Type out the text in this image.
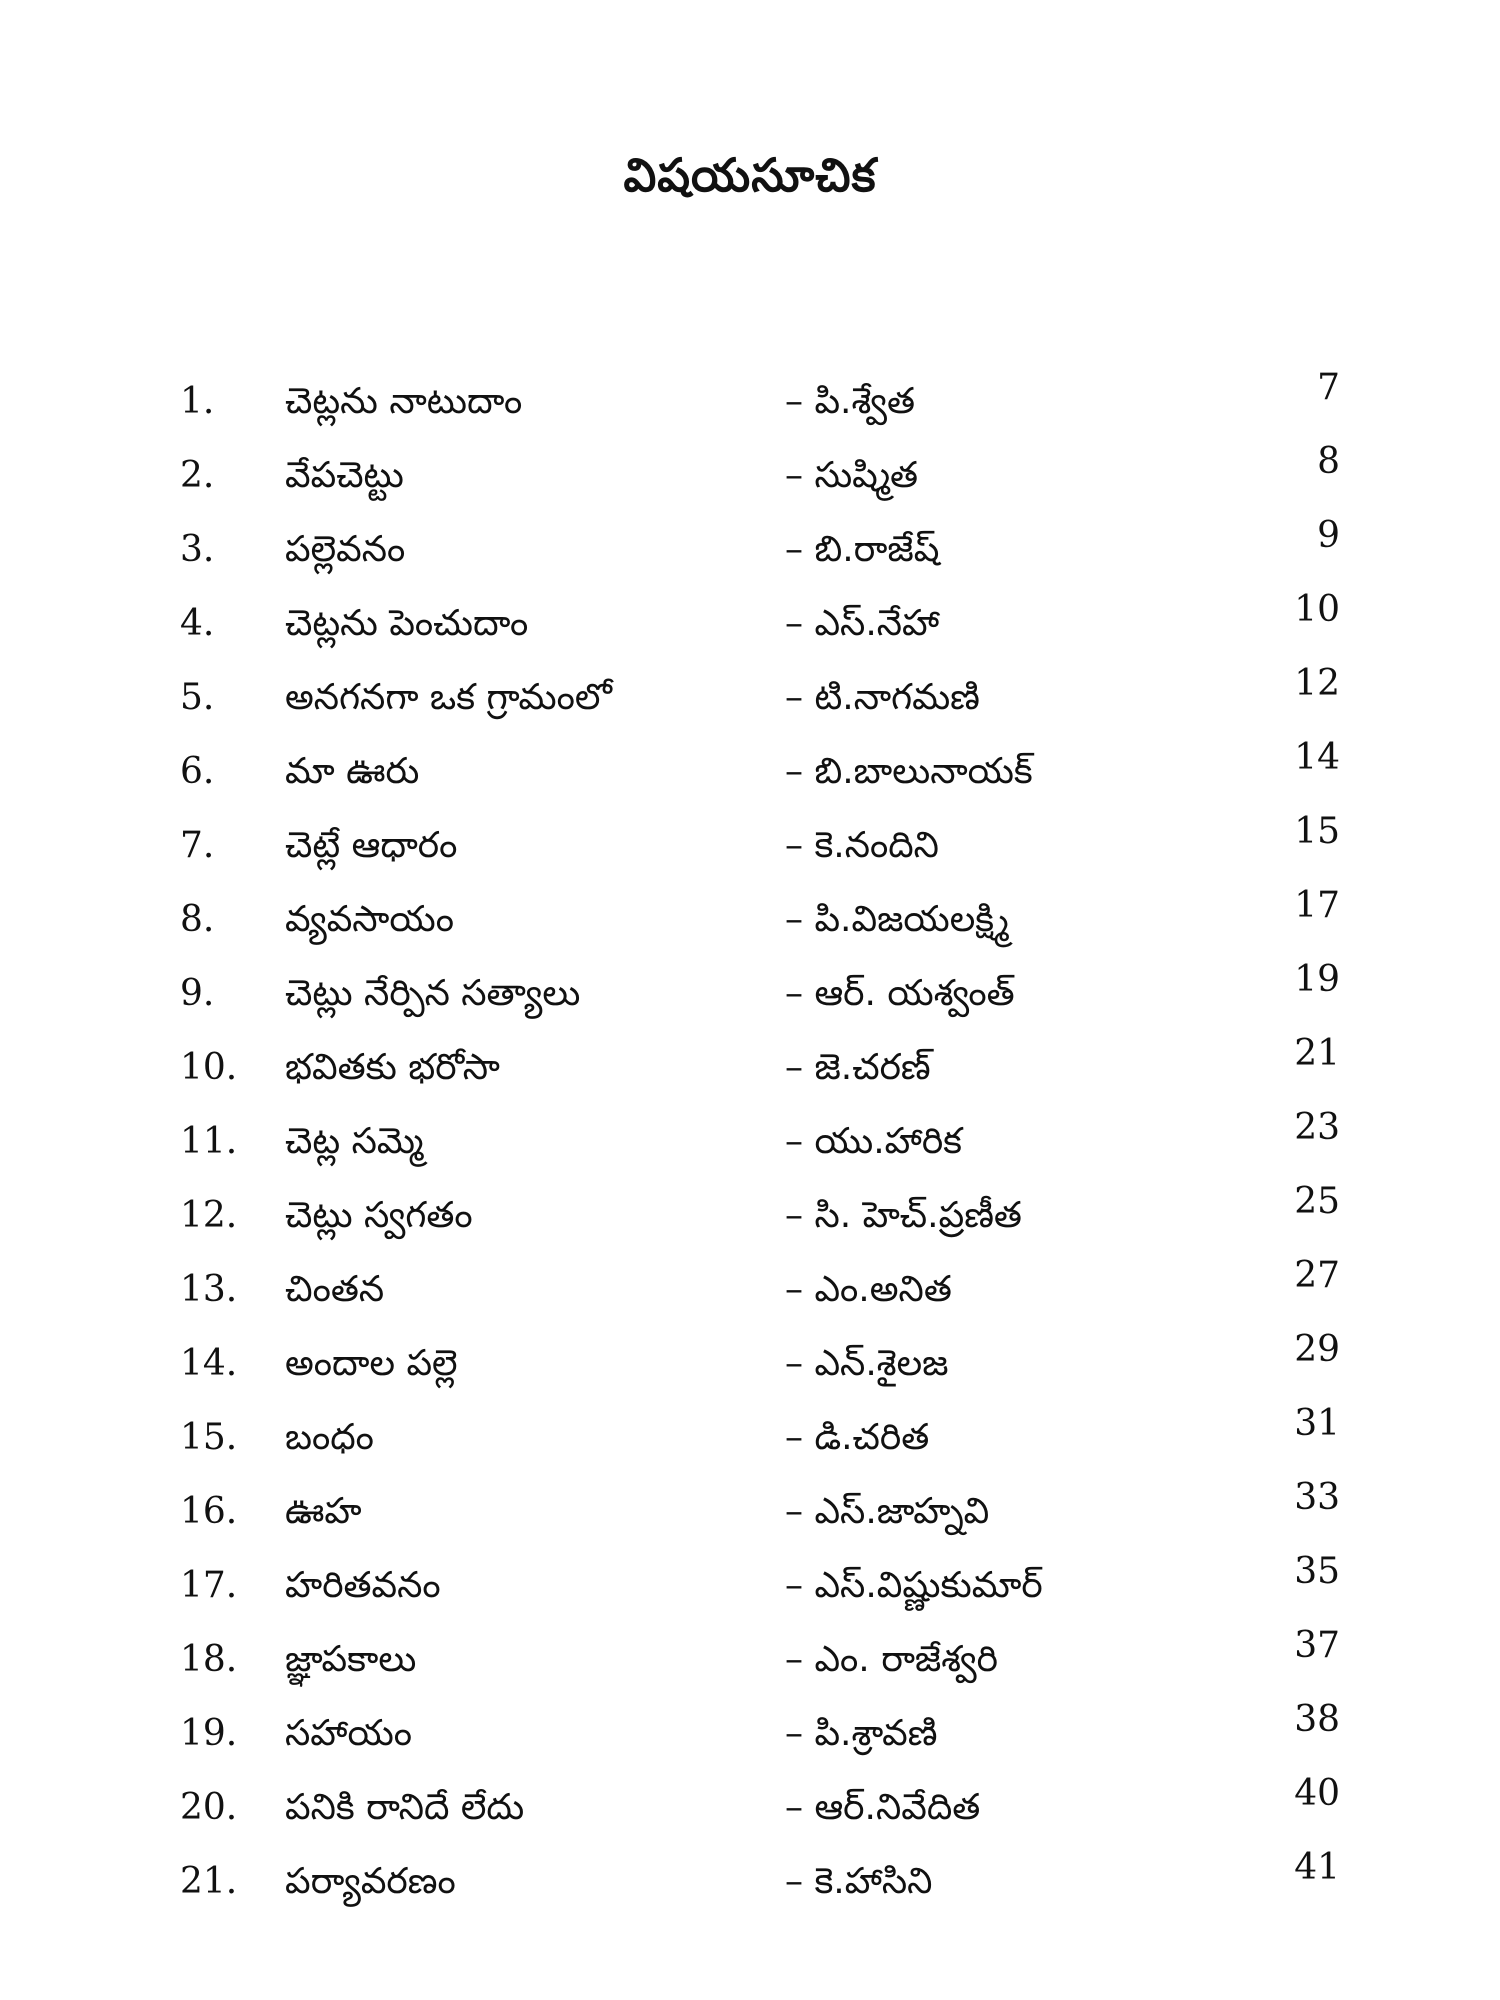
విషయసూచిక
1. చెట్లను నాటుదాం	– పి.శ్వేత	7
2. వేపచెట్టు	– సుష్మిత	8
3. పల్లెవనం	– బి.రాజేష్	9
4. చెట్లను పెంచుదాం	– ఎస్.నేహా	10
5. అనగనగా ఒక గ్రామంలో	– టి.నాగమణి	12
6. మా ఊరు	– బి.బాలునాయక్	14
7. చెట్లే ఆధారం	– కె.నందిని	15
8. వ్యవసాయం	– పి.విజయలక్ష్మి	17
9. చెట్లు నేర్పిన సత్యాలు	– ఆర్. యశ్వంత్	19
10. భవితకు భరోసా	– జె.చరణ్	21
11. చెట్ల సమ్మె	– యు.హారిక	23
12. చెట్లు స్వగతం	– సి. హెచ్.ప్రణీత	25
13. చింతన	– ఎం.అనిత	27
14. అందాల పల్లె	– ఎన్.శైలజ	29
15. బంధం	– డి.చరిత	31
16. ఊహ	– ఎస్.జాహ్నవి	33
17. హరితవనం	– ఎస్.విష్ణుకుమార్	35
18. జ్ఞాపకాలు	– ఎం. రాజేశ్వరి	37
19. సహాయం	– పి.శ్రావణి	38
20. పనికి రానిదే లేదు	– ఆర్.నివేదిత	40
21. పర్యావరణం	– కె.హాసిని	41
